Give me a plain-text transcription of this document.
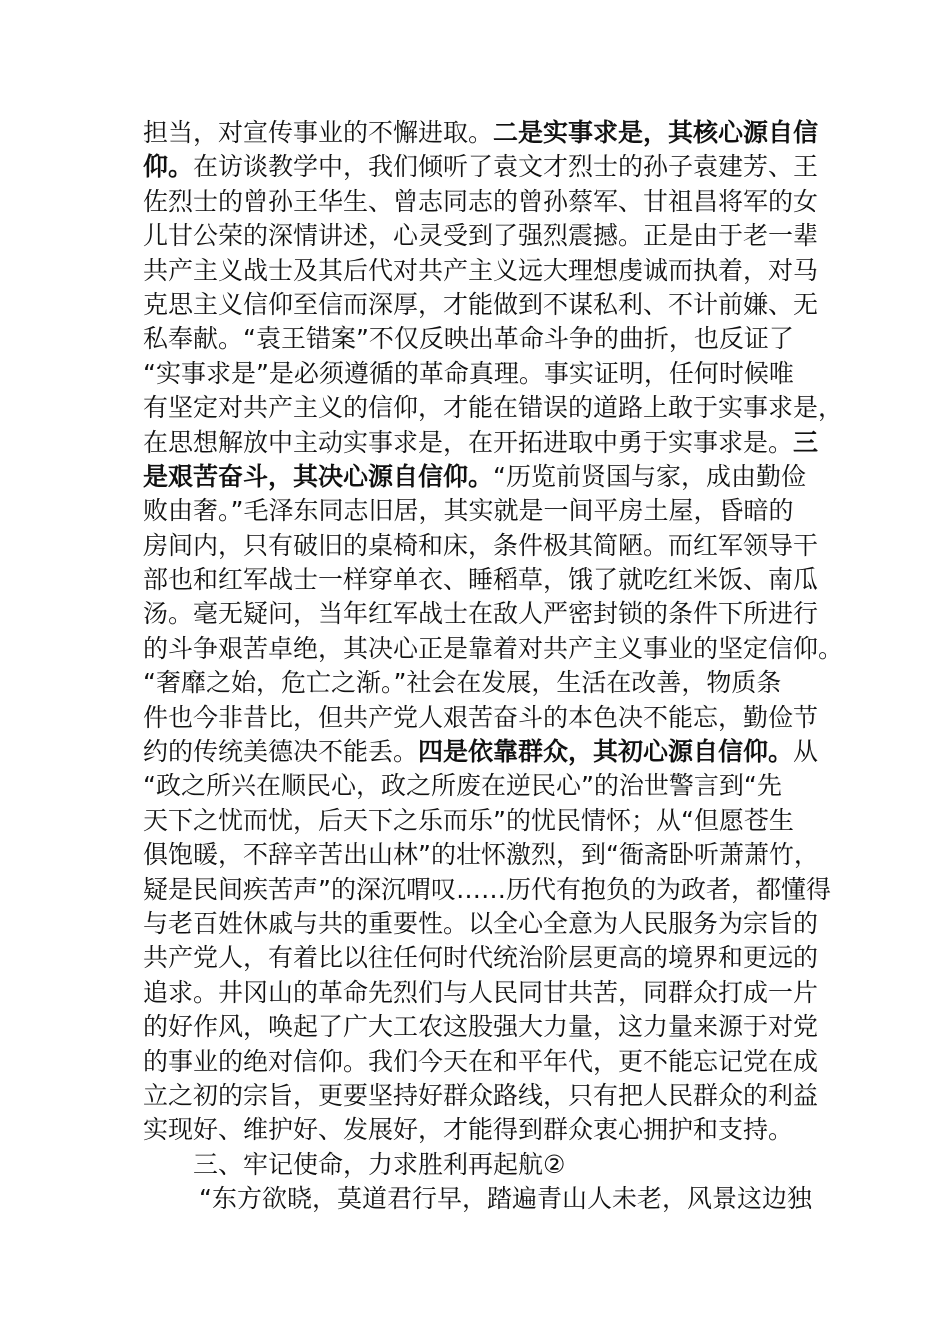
担当，对宣传事业的不懈进取。二是实事求是，其核心源自信
仰。在访谈教学中，我们倾听了袁文才烈士的孙子袁建芳、王
佐烈士的曾孙王华生、曾志同志的曾孙蔡军、甘祖昌将军的女
儿甘公荣的深情讲述，心灵受到了强烈震撼。正是由于老一辈
共产主义战士及其后代对共产主义远大理想虔诚而执着，对马
克思主义信仰至信而深厚，才能做到不谋私利、不计前嫌、无
私奉献。“袁王错案”不仅反映出革命斗争的曲折，也反证了
“实事求是”是必须遵循的革命真理。事实证明，任何时候唯
有坚定对共产主义的信仰，才能在错误的道路上敢于实事求是，
在思想解放中主动实事求是，在开拓进取中勇于实事求是。三
是艰苦奋斗，其决心源自信仰。“历览前贤国与家，成由勤俭
败由奢。”毛泽东同志旧居，其实就是一间平房土屋，昏暗的
房间内，只有破旧的桌椅和床，条件极其简陋。而红军领导干
部也和红军战士一样穿单衣、睡稻草，饿了就吃红米饭、南瓜
汤。毫无疑问，当年红军战士在敌人严密封锁的条件下所进行
的斗争艰苦卓绝，其决心正是靠着对共产主义事业的坚定信仰。
“奢靡之始，危亡之渐。”社会在发展，生活在改善，物质条
件也今非昔比，但共产党人艰苦奋斗的本色决不能忘，勤俭节
约的传统美德决不能丢。四是依靠群众，其初心源自信仰。从
“政之所兴在顺民心，政之所废在逆民心”的治世警言到“先
天下之忧而忧，后天下之乐而乐”的忧民情怀；从“但愿苍生
俱饱暖，不辞辛苦出山林”的壮怀激烈，到“衙斋卧听萧萧竹，
疑是民间疾苦声”的深沉喟叹……历代有抱负的为政者，都懂得
与老百姓休戚与共的重要性。以全心全意为人民服务为宗旨的
共产党人，有着比以往任何时代统治阶层更高的境界和更远的
追求。井冈山的革命先烈们与人民同甘共苦，同群众打成一片
的好作风，唤起了广大工农这股强大力量，这力量来源于对党
的事业的绝对信仰。我们今天在和平年代，更不能忘记党在成
立之初的宗旨，更要坚持好群众路线，只有把人民群众的利益
实现好、维护好、发展好，才能得到群众衷心拥护和支持。
三、牢记使命，力求胜利再起航②
“东方欲晓，莫道君行早，踏遍青山人未老，风景这边独
